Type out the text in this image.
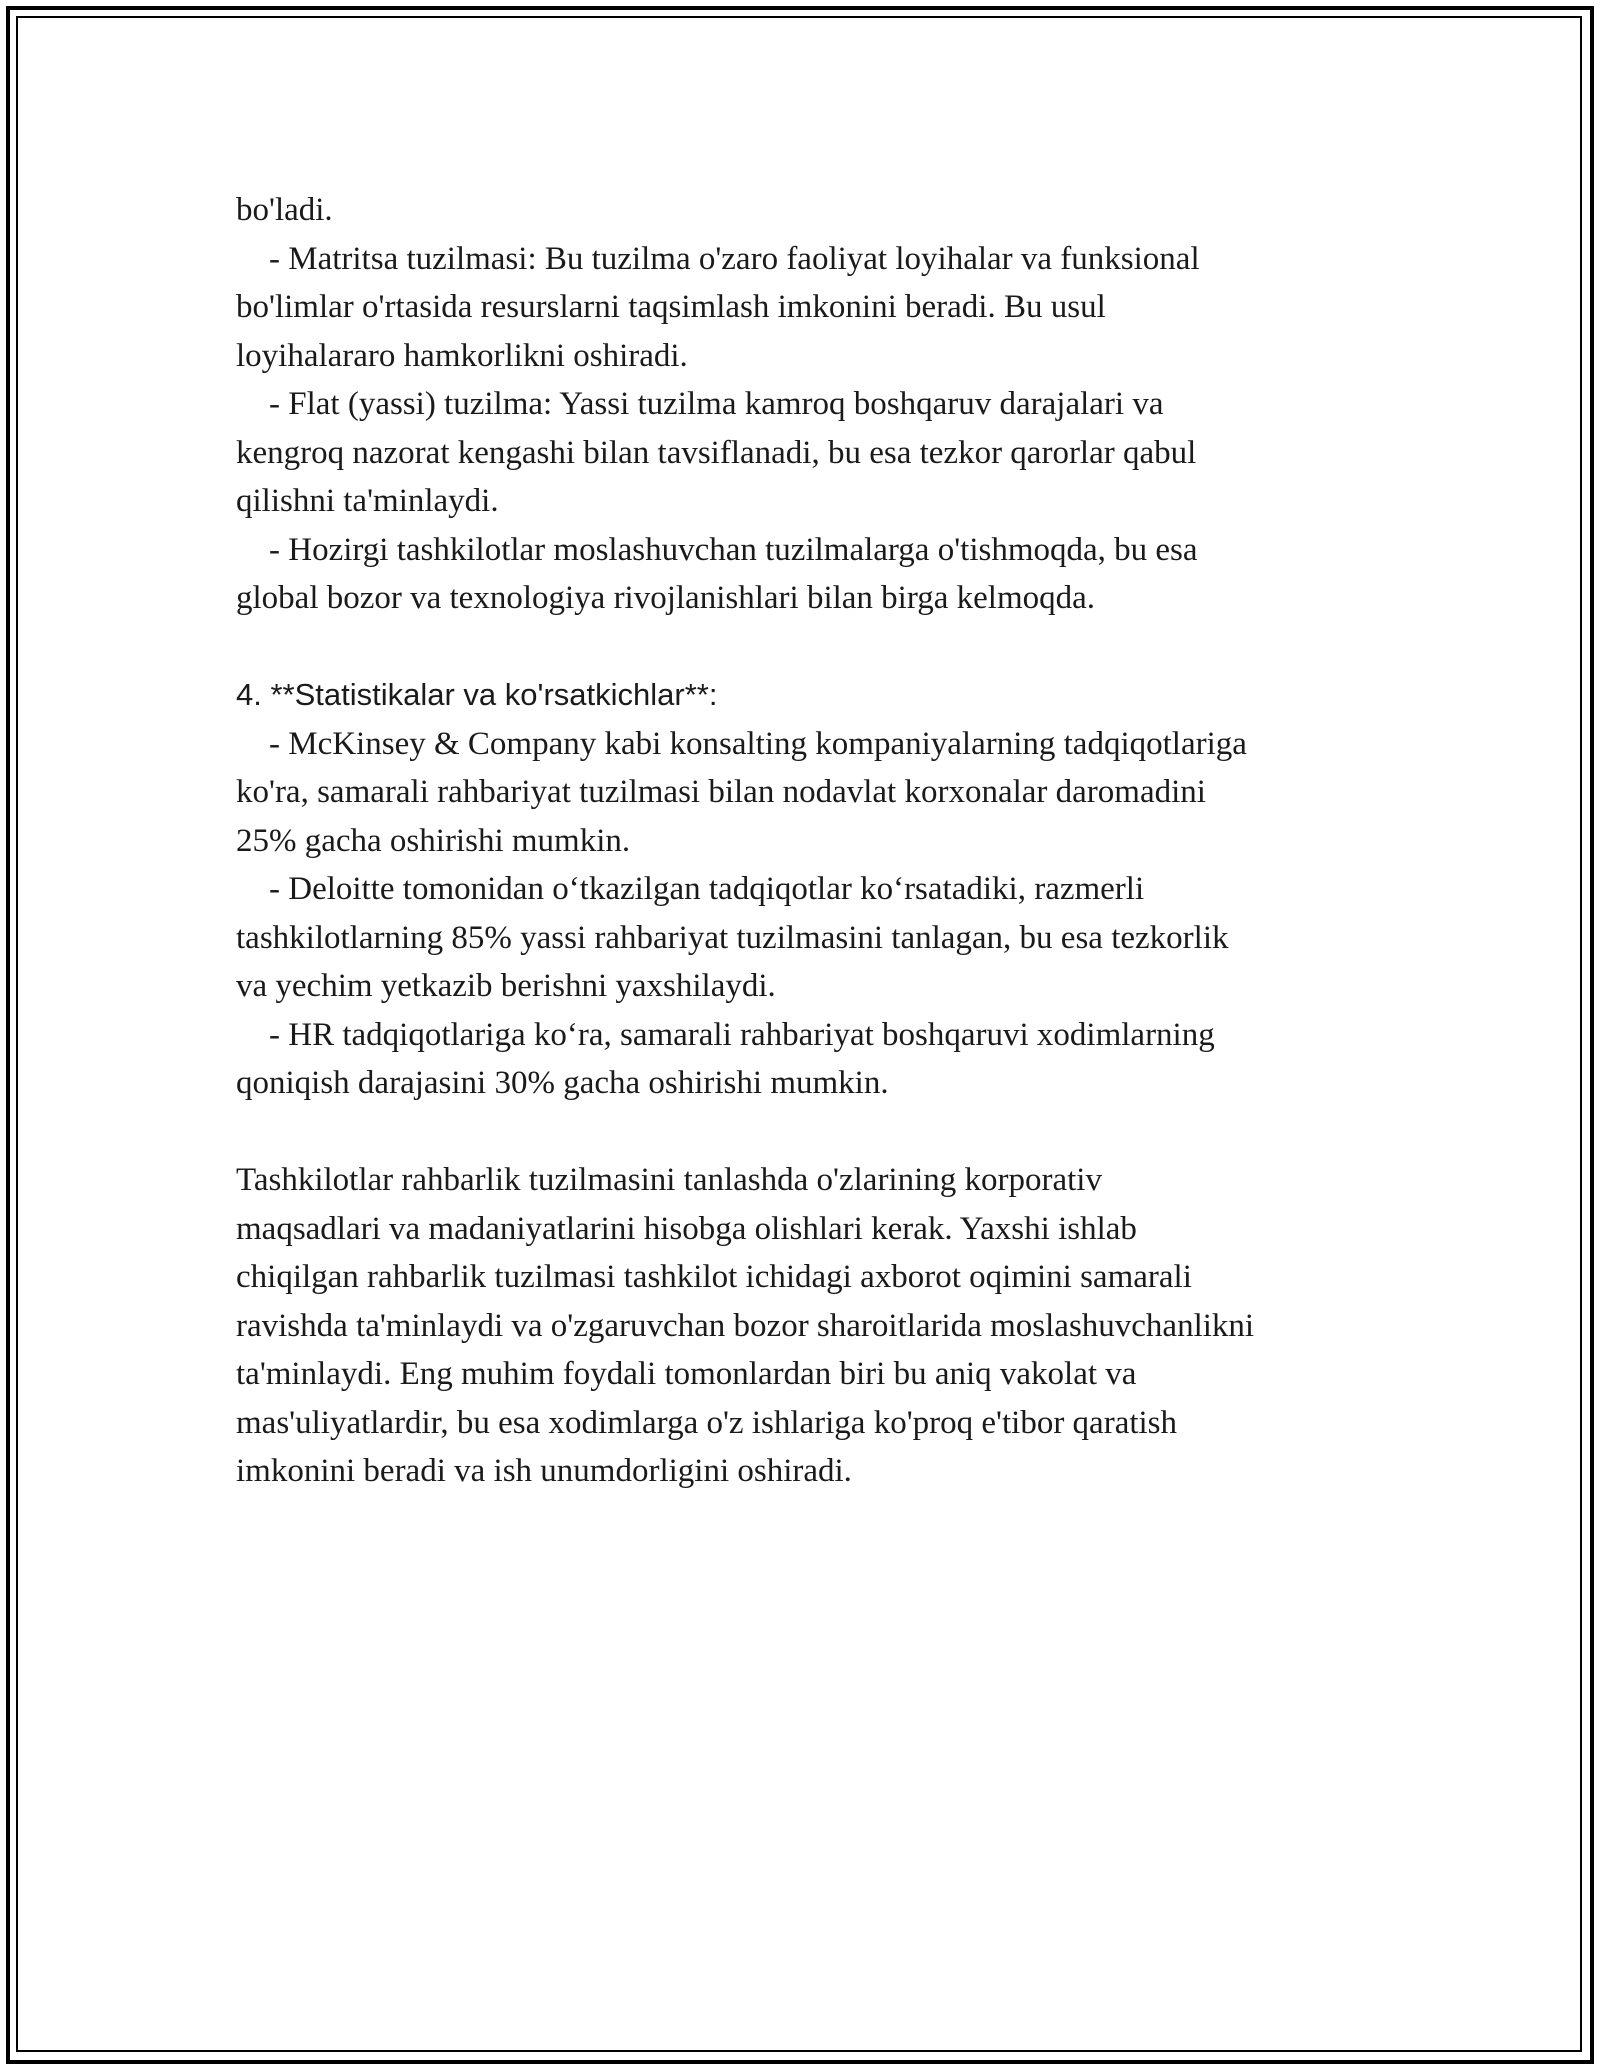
bo'ladi.
- Matritsa tuzilmasi: Bu tuzilma o'zaro faoliyat loyihalar va funksional
bo'limlar o'rtasida resurslarni taqsimlash imkonini beradi. Bu usul
loyihalararo hamkorlikni oshiradi.
- Flat (yassi) tuzilma: Yassi tuzilma kamroq boshqaruv darajalari va
kengroq nazorat kengashi bilan tavsiflanadi, bu esa tezkor qarorlar qabul
qilishni ta'minlaydi.
- Hozirgi tashkilotlar moslashuvchan tuzilmalarga o'tishmoqda, bu esa
global bozor va texnologiya rivojlanishlari bilan birga kelmoqda.
4. **Statistikalar va ko'rsatkichlar**:
- McKinsey & Company kabi konsalting kompaniyalarning tadqiqotlariga
ko'ra, samarali rahbariyat tuzilmasi bilan nodavlat korxonalar daromadini
25% gacha oshirishi mumkin.
- Deloitte tomonidan o‘tkazilgan tadqiqotlar ko‘rsatadiki, razmerli
tashkilotlarning 85% yassi rahbariyat tuzilmasini tanlagan, bu esa tezkorlik
va yechim yetkazib berishni yaxshilaydi.
- HR tadqiqotlariga ko‘ra, samarali rahbariyat boshqaruvi xodimlarning
qoniqish darajasini 30% gacha oshirishi mumkin.
Tashkilotlar rahbarlik tuzilmasini tanlashda o'zlarining korporativ
maqsadlari va madaniyatlarini hisobga olishlari kerak. Yaxshi ishlab
chiqilgan rahbarlik tuzilmasi tashkilot ichidagi axborot oqimini samarali
ravishda ta'minlaydi va o'zgaruvchan bozor sharoitlarida moslashuvchanlikni
ta'minlaydi. Eng muhim foydali tomonlardan biri bu aniq vakolat va
mas'uliyatlardir, bu esa xodimlarga o'z ishlariga ko'proq e'tibor qaratish
imkonini beradi va ish unumdorligini oshiradi.
